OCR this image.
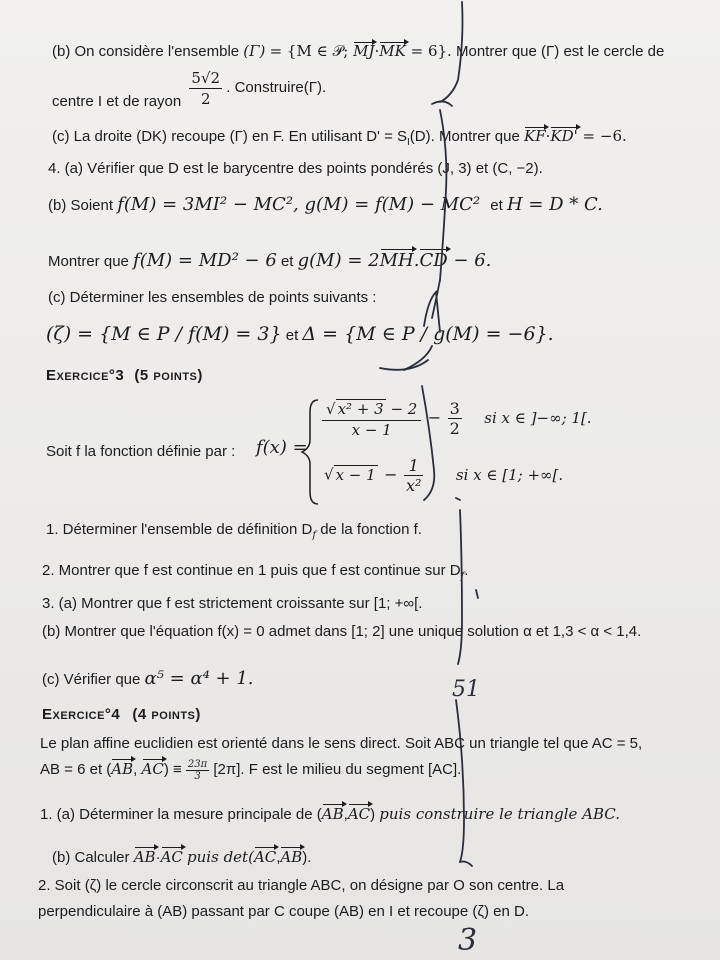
(b) On considère l'ensemble (Γ) = {M ∈ 𝒫; MJ·MK = 6}. Montrer que (Γ) est le cercle de
centre I et de rayon $\frac{5√2}{2}$ . Construire(Γ).
(c) La droite (DK) recoupe (Γ) en F. En utilisant $D' = S_I(D)$. Montrer que KF·KD' = −6.
4. (a) Vérifier que D est le barycentre des points pondérés (J, 3) et (C, −2).
(b) Soient f(M) = 3MI² − MC², g(M) = f(M) − MC² et H = D * C.
Montrer que f(M) = MD² − 6 et g(M) = 2MH.CD − 6.
(c) Déterminer les ensembles de points suivants :
(ζ) = {M ∈ P / f(M) = 3} et Δ = {M ∈ P / g(M) = −6}.
Exercice°3 (5 points)
Soit f la fonction définie par :	f(x) =
$\frac{\text{√ x² + 3 − 2}}{x - 1} - \frac{3}{2}$ si x ∈ ]−∞; 1[.
√ $x - 1 - \frac{1}{\text{x²}}$ si x ∈ [1; +∞[.
1. Déterminer l'ensemble de définition $D_f$ de la fonction f.
2. Montrer que f est continue en 1 puis que f est continue sur $D_f$.
3. (a) Montrer que f est strictement croissante sur [1; +∞[.
(b) Montrer que l'équation f(x) = 0 admet dans [1; 2] une unique solution α et 1,3 < α < 1,4.
(c) Vérifier que α⁵ = α⁴ + 1.
Exercice°4 (4 points)
Le plan affine euclidien est orienté dans le sens direct. Soit ABC un triangle tel que AC = 5,
AB = 6 et (AB, $AC) \equiv \frac{23\pi}{3} [2\pi]$. F est le milieu du segment [AC].
1. (a) Déterminer la mesure principale de (AB,AC) puis construire le triangle ABC.
(b) Calculer AB·AC puis det(AC,AB).
2. Soit (ζ) le cercle circonscrit au triangle ABC, on désigne par O son centre. La
perpendiculaire à (AB) passant par C coupe (AB) en I et recoupe (ζ) en D.
51
3
